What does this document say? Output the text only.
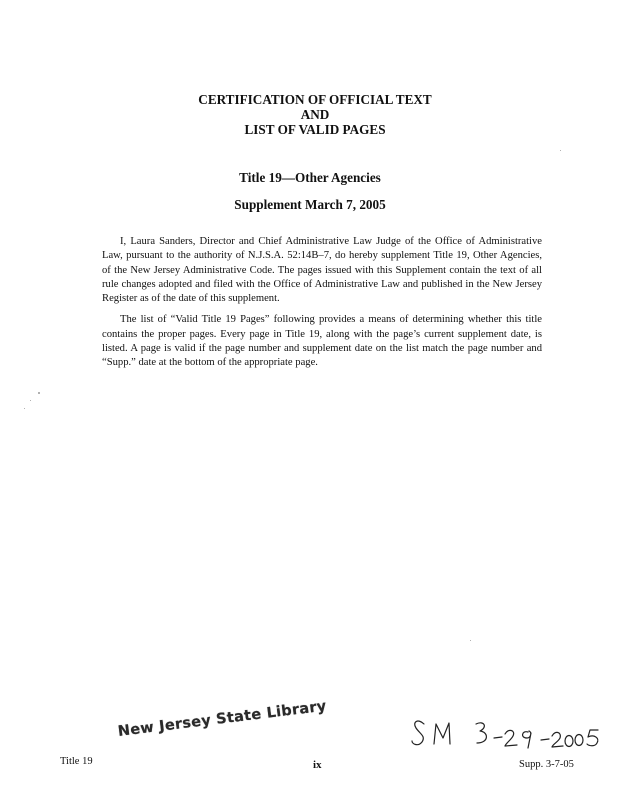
CERTIFICATION OF OFFICIAL TEXT
AND
LIST OF VALID PAGES
Title 19—Other Agencies
Supplement March 7, 2005

I, Laura Sanders, Director and Chief Administrative Law Judge of the Office of Administrative Law, pursuant to the authority of N.J.S.A. 52:14B–7, do hereby supplement Title 19, Other Agencies, of the New Jersey Administrative Code. The pages issued with this Supplement contain the text of all rule changes adopted and filed with the Office of Administrative Law and published in the New Jersey Register as of the date of this supplement.

The list of “Valid Title 19 Pages” following provides a means of determining whether this title contains the proper pages. Every page in Title 19, along with the page’s current supplement date, is listed. A page is valid if the page number and supplement date on the list match the page number and “Supp.” date at the bottom of the appropriate page.

New Jersey State Library
Title 19	ix	Supp. 3-7-05
